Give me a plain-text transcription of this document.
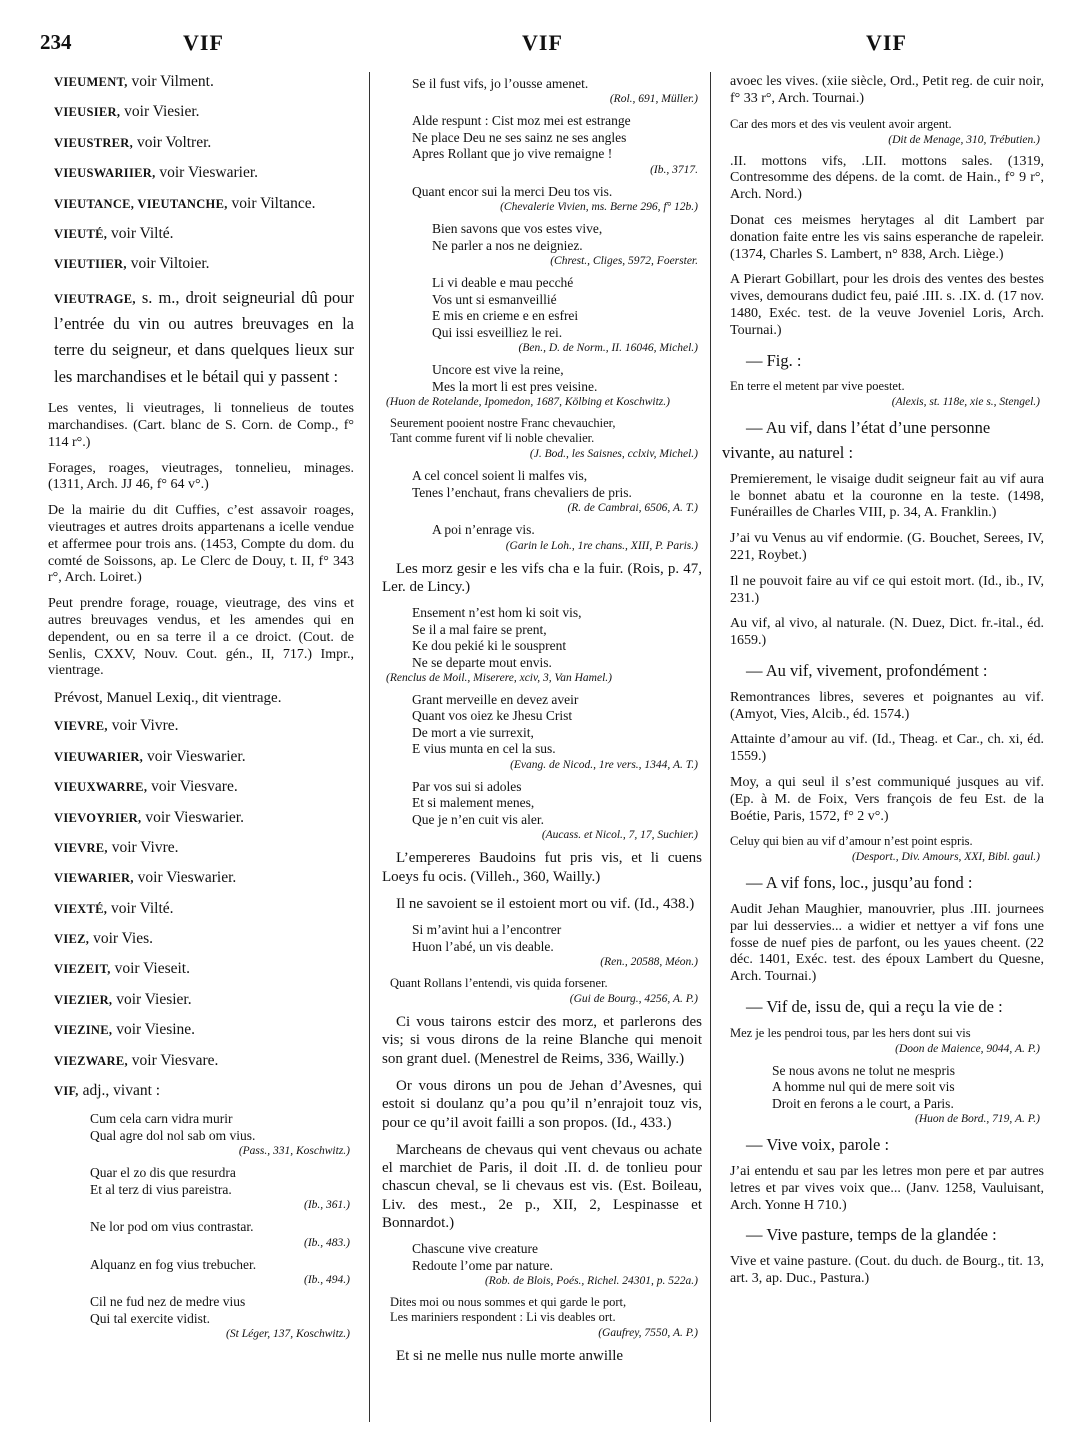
234	VIF	VIF	VIF

VIEUMENT, voir Vilment.

VIEUSIER, voir Viesier.

VIEUSTRER, voir Voltrer.

VIEUSWARIIER, voir Vieswarier.

VIEUTANCE, VIEUTANCHE, voir Viltance.

VIEUTÉ, voir Vilté.

VIEUTIIER, voir Viltoier.

VIEUTRAGE, s. m., droit seigneurial dû pour l’entrée du vin ou autres breuvages en la terre du seigneur, et dans quelques lieux sur les marchandises et le bétail qui y passent :

Les ventes, li vieutrages, li tonnelieus de toutes marchandises. (Cart. blanc de S. Corn. de Comp., f° 114 r°.)

Forages, roages, vieutrages, tonnelieu, minages. (1311, Arch. JJ 46, f° 64 v°.)

De la mairie du dit Cuffies, c’est assavoir roages, vieutrages et autres droits appartenans a icelle vendue et affermee pour trois ans. (1453, Compte du dom. du comté de Soissons, ap. Le Clerc de Douy, t. II, f° 343 r°, Arch. Loiret.)

Peut prendre forage, rouage, vieutrage, des vins et autres breuvages vendus, et les amendes qui en dependent, ou en sa terre il a ce droict. (Cout. de Senlis, CXXV, Nouv. Cout. gén., II, 717.) Impr., vientrage.

Prévost, Manuel Lexiq., dit vientrage.

VIEVRE, voir Vivre.

VIEUWARIER, voir Vieswarier.

VIEUXWARRE, voir Viesvare.

VIEVOYRIER, voir Vieswarier.

VIEVRE, voir Vivre.

VIEWARIER, voir Vieswarier.

VIEXTÉ, voir Vilté.

VIEZ, voir Vies.

VIEZEIT, voir Vieseit.

VIEZIER, voir Viesier.

VIEZINE, voir Viesine.

VIEZWARE, voir Viesvare.

VIF, adj., vivant :

Cum cela carn vidra murir
Qual agre dol nol sab om vius.

(Pass., 331, Koschwitz.)

Quar el zo dis que resurdra
Et al terz di vius pareistra.

(Ib., 361.)

Ne lor pod om vius contrastar.

(Ib., 483.)

Alquanz en fog vius trebucher.

(Ib., 494.)

Cil ne fud nez de medre vius
Qui tal exercite vidist.

(St Léger, 137, Koschwitz.)

Se il fust vifs, jo l’ousse amenet.

(Rol., 691, Müller.)

Alde respunt : Cist moz mei est estrange
Ne place Deu ne ses sainz ne ses angles
Apres Rollant que jo vive remaigne !

(Ib., 3717.

Quant encor sui la merci Deu tos vis.

(Chevalerie Vivien, ms. Berne 296, f° 12b.)

Bien savons que vos estes vive,
Ne parler a nos ne deigniez.

(Chrest., Cliges, 5972, Foerster.

Li vi deable e mau pecché
Vos unt si esmanveillié
E mis en crieme e en esfrei
Qui issi esveilliez le rei.

(Ben., D. de Norm., II. 16046, Michel.)

Uncore est vive la reine,
Mes la mort li est pres veisine.

(Huon de Rotelande, Ipomedon, 1687, Kölbing et Koschwitz.)

Seurement pooient nostre Franc chevauchier,
Tant comme furent vif li noble chevalier.

(J. Bod., les Saisnes, cclxiv, Michel.)

A cel concel soient li malfes vis,
Tenes l’enchaut, frans chevaliers de pris.

(R. de Cambrai, 6506, A. T.)

A poi n’enrage vis.

(Garin le Loh., 1re chans., XIII, P. Paris.)

Les morz gesir e les vifs cha e la fuir. (Rois, p. 47, Ler. de Lincy.)

Ensement n’est hom ki soit vis,
Se il a mal faire se prent,
Ke dou pekié ki le sousprent
Ne se departe mout envis.

(Renclus de Moil., Miserere, xciv, 3, Van Hamel.)

Grant merveille en devez aveir
Quant vos oiez ke Jhesu Crist
De mort a vie surrexit,
E vius munta en cel la sus.

(Evang. de Nicod., 1re vers., 1344, A. T.)

Par vos sui si adoles
Et si malement menes,
Que je n’en cuit vis aler.

(Aucass. et Nicol., 7, 17, Suchier.)

L’empereres Baudoins fut pris vis, et li cuens Loeys fu ocis. (Villeh., 360, Wailly.)

Il ne savoient se il estoient mort ou vif. (Id., 438.)

Si m’avint hui a l’encontrer
Huon l’abé, un vis deable.

(Ren., 20588, Méon.)

Quant Rollans l’entendi, vis quida forsener.

(Gui de Bourg., 4256, A. P.)

Ci vous tairons estcir des morz, et parlerons des vis; si vous dirons de la reine Blanche qui menoit son grant duel. (Menestrel de Reims, 336, Wailly.)

Or vous dirons un pou de Jehan d’Avesnes, qui estoit si doulanz qu’a pou qu’il n’enrajoit touz vis, pour ce qu’il avoit failli a son propos. (Id., 433.)

Marcheans de chevaus qui vent chevaus ou achate el marchiet de Paris, il doit .II. d. de tonlieu pour chascun cheval, se li chevaus est vis. (Est. Boileau, Liv. des mest., 2e p., XII, 2, Lespinasse et Bonnardot.)

Chascune vive creature
Redoute l’ome par nature.

(Rob. de Blois, Poés., Richel. 24301, p. 522a.)

Dites moi ou nous sommes et qui garde le port,
Les mariniers respondent : Li vis deables ort.

(Gaufrey, 7550, A. P.)

Et si ne melle nus nulle morte anwille

avoec les vives. (xiie siècle, Ord., Petit reg. de cuir noir, f° 33 r°, Arch. Tournai.)

Car des mors et des vis veulent avoir argent.

(Dit de Menage, 310, Trébutien.)

.II. mottons vifs, .LII. mottons sales. (1319, Contresomme des dépens. de la comt. de Hain., f° 9 r°, Arch. Nord.)

Donat ces meismes herytages al dit Lambert par donation faite entre les vis sains esperanche de rapeleir. (1374, Charles S. Lambert, n° 838, Arch. Liège.)

A Pierart Gobillart, pour les drois des ventes des bestes vives, demourans dudict feu, paié .III. s. .IX. d. (17 nov. 1480, Exéc. test. de la veuve Joveniel Loris, Arch. Tournai.)

— Fig. :

En terre el metent par vive poestet.

(Alexis, st. 118e, xie s., Stengel.)

— Au vif, dans l’état d’une personne vivante, au naturel :

Premierement, le visaige dudit seigneur fait au vif aura le bonnet abatu et la couronne en la teste. (1498, Funérailles de Charles VIII, p. 34, A. Franklin.)

J’ai vu Venus au vif endormie. (G. Bouchet, Serees, IV, 221, Roybet.)

Il ne pouvoit faire au vif ce qui estoit mort. (Id., ib., IV, 231.)

Au vif, al vivo, al naturale. (N. Duez, Dict. fr.-ital., éd. 1659.)

— Au vif, vivement, profondément :

Remontrances libres, severes et poignantes au vif. (Amyot, Vies, Alcib., éd. 1574.)

Attainte d’amour au vif. (Id., Theag. et Car., ch. xi, éd. 1559.)

Moy, a qui seul il s’est communiqué jusques au vif. (Ep. à M. de Foix, Vers françois de feu Est. de la Boétie, Paris, 1572, f° 2 v°.)

Celuy qui bien au vif d’amour n’est point espris.

(Desport., Div. Amours, XXI, Bibl. gaul.)

— A vif fons, loc., jusqu’au fond :

Audit Jehan Maughier, manouvrier, plus .III. journees par lui desservies... a widier et nettyer a vif fons une fosse de nuef pies de parfont, ou les yaues cheent. (22 déc. 1401, Exéc. test. des époux Lambert du Quesne, Arch. Tournai.)

— Vif de, issu de, qui a reçu la vie de :

Mez je les pendroi tous, par les hers dont sui vis

(Doon de Maience, 9044, A. P.)

Se nous avons ne tolut ne mespris
A homme nul qui de mere soit vis
Droit en ferons a le court, a Paris.

(Huon de Bord., 719, A. P.)

— Vive voix, parole :

J’ai entendu et sau par les letres mon pere et par autres letres et par vives voix que... (Janv. 1258, Vauluisant, Arch. Yonne H 710.)

— Vive pasture, temps de la glandée :

Vive et vaine pasture. (Cout. du duch. de Bourg., tit. 13, art. 3, ap. Duc., Pastura.)
